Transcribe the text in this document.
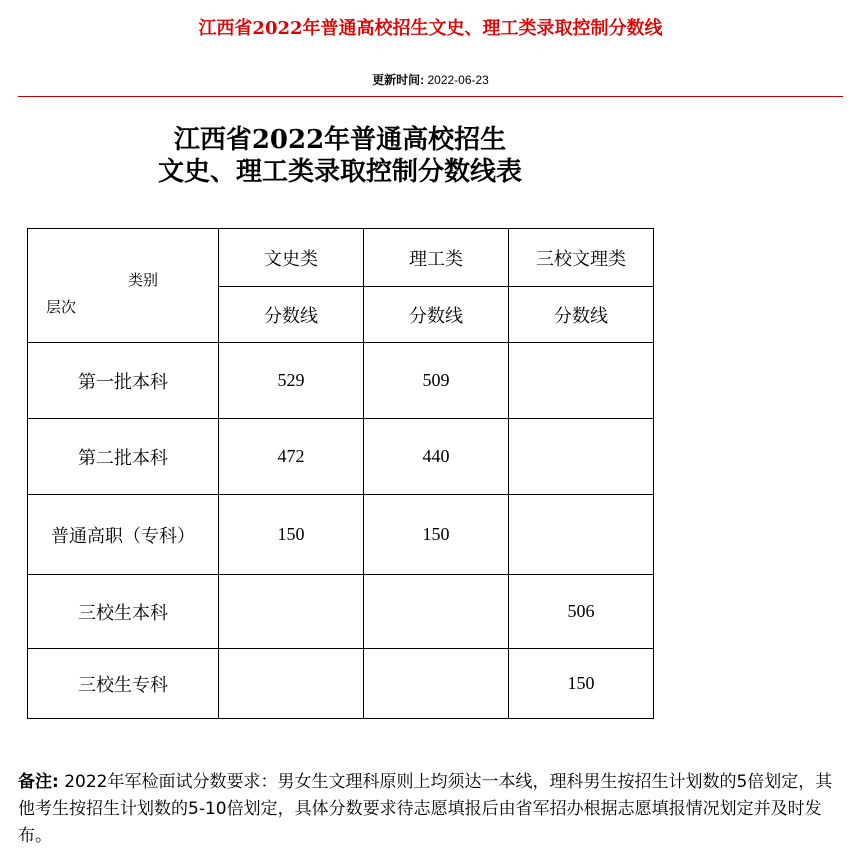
江西省2022年普通高校招生文史、理工类录取控制分数线
更新时间: 2022-06-23
江西省2022年普通高校招生
文史、理工类录取控制分数线表
类别
层次	文史类	理工类	三校文理类
	分数线	分数线	分数线
第一批本科	529	509	
第二批本科	472	440	
普通高职（专科）	150	150	
三校生本科			506
三校生专科			150
备注: 2022年军检面试分数要求：男女生文理科原则上均须达一本线，理科男生按招生计划数的5倍划定，其他考生按招生计划数的5-10倍划定，具体分数要求待志愿填报后由省军招办根据志愿填报情况划定并及时发布。
